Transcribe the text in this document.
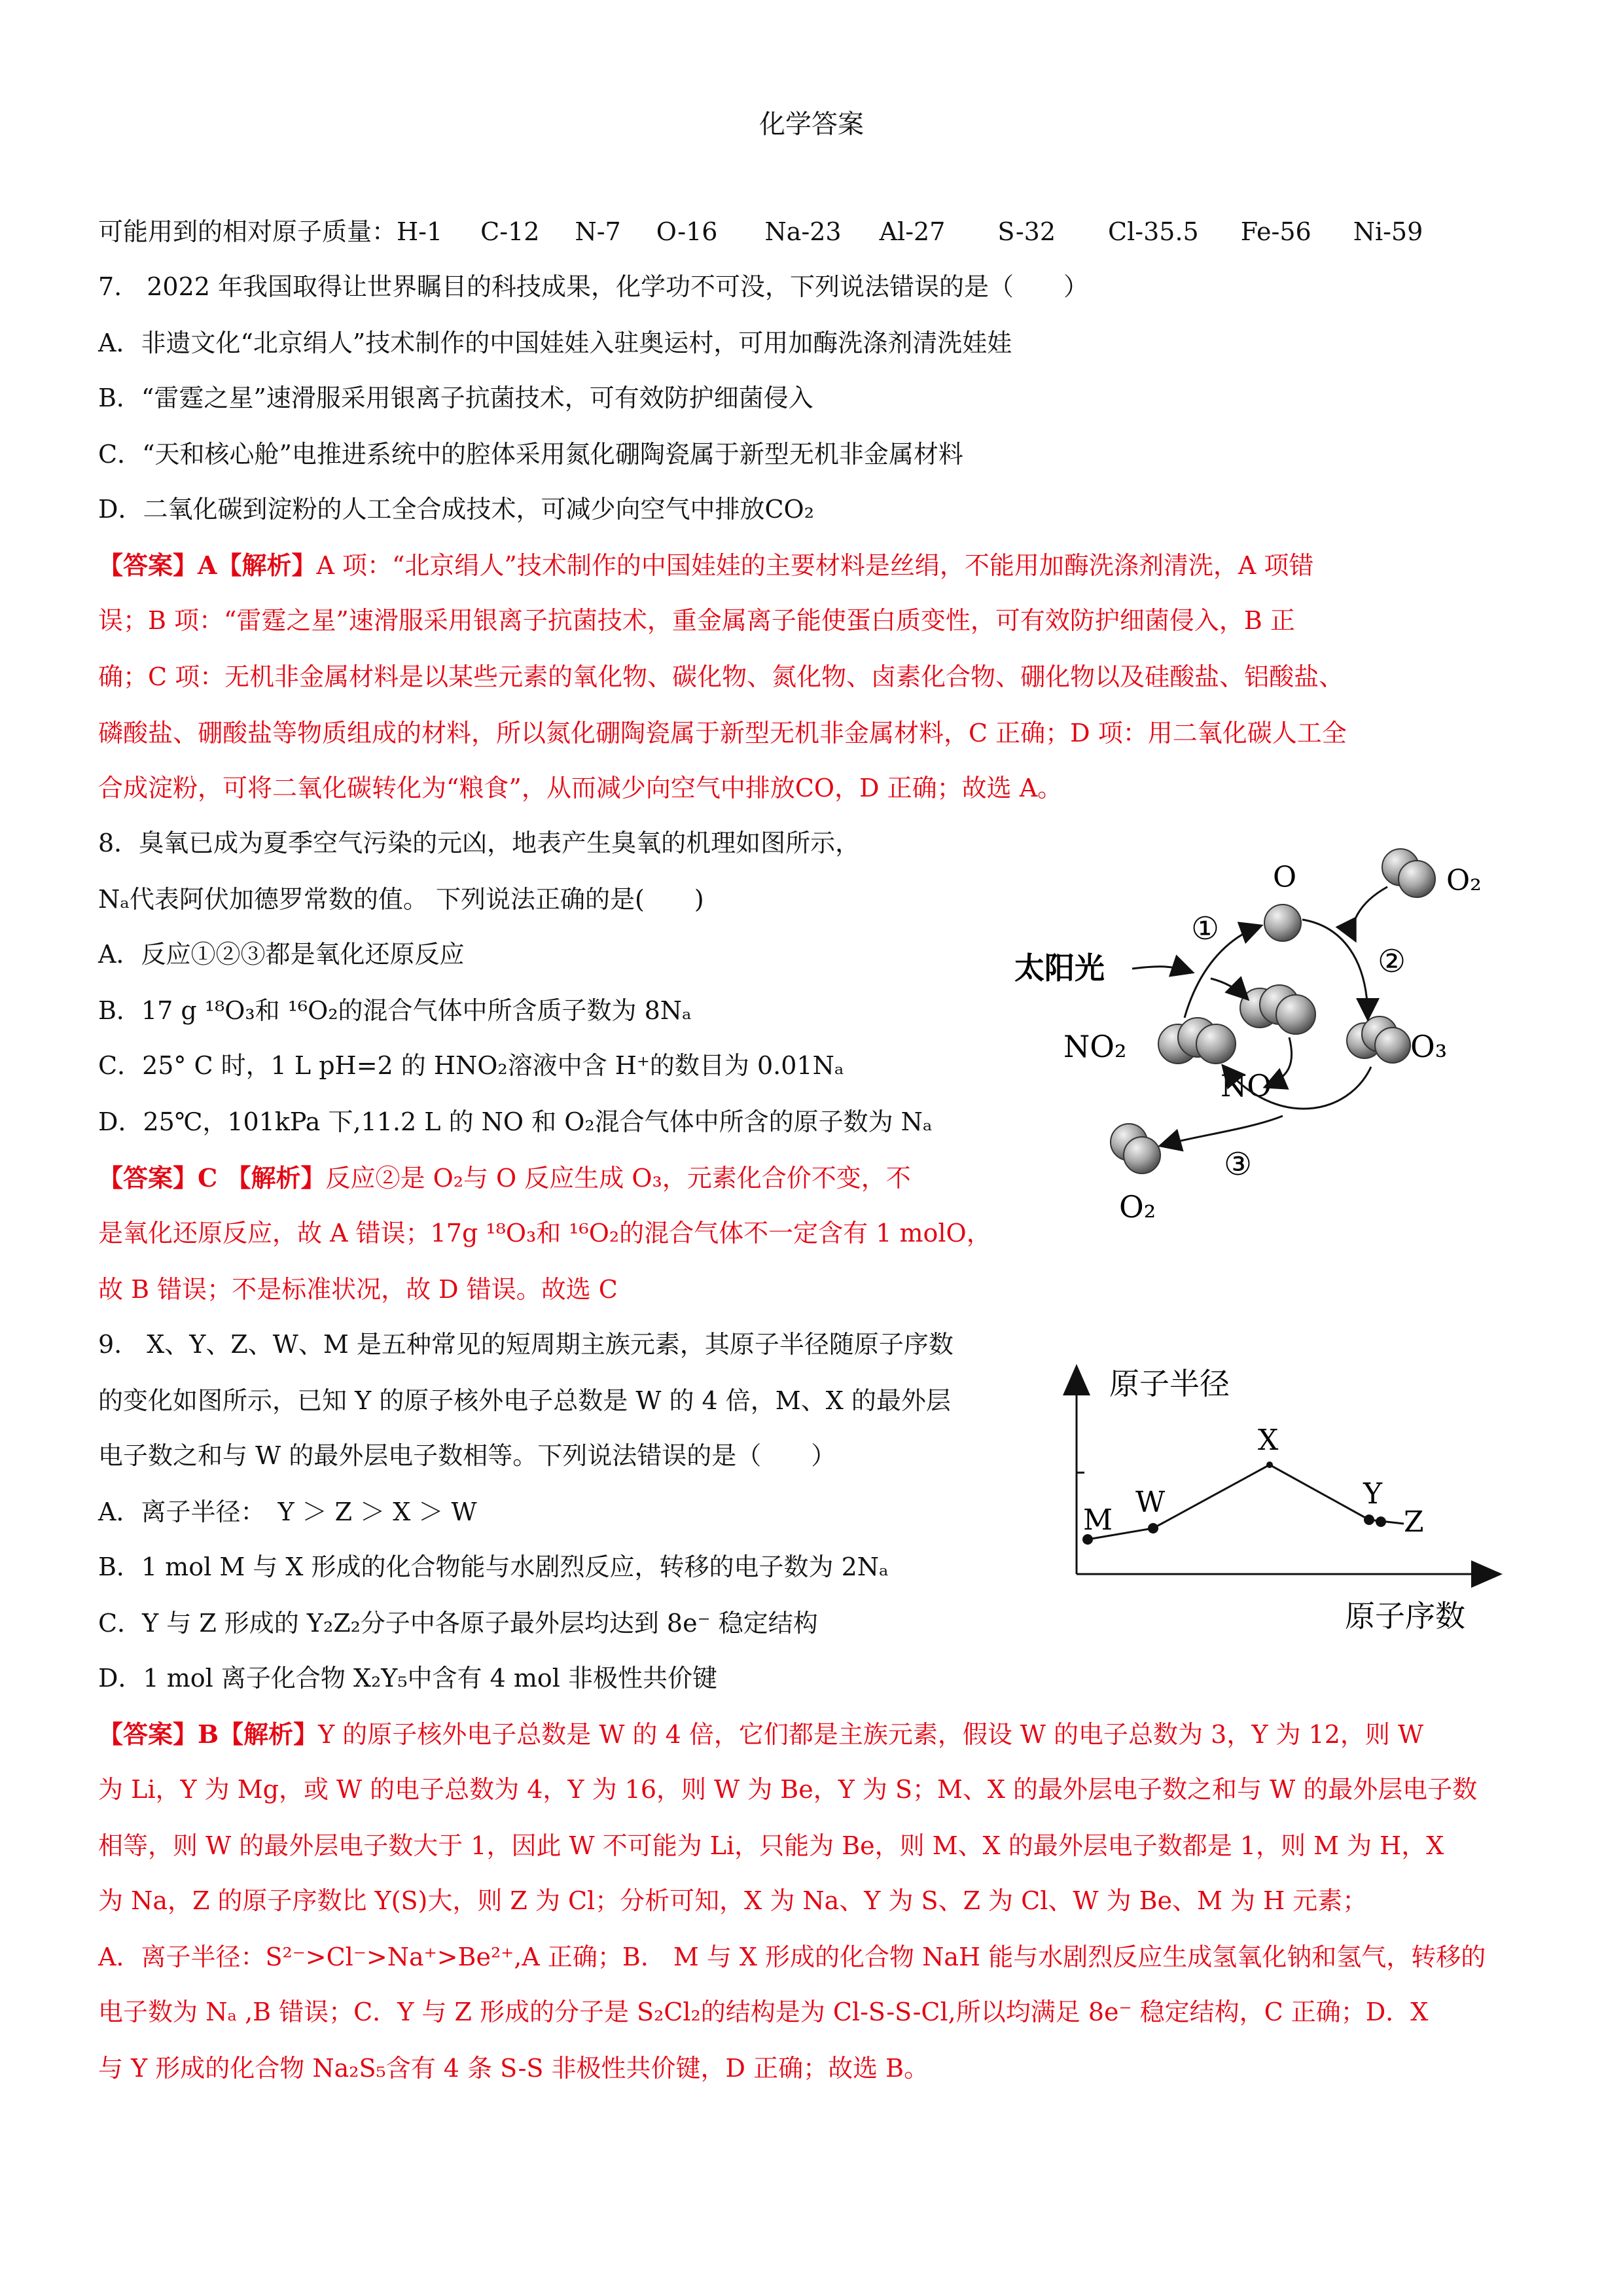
化学答案
可能用到的相对原子质量：H-1 C-12 N-7 O-16 Na-23 Al-27 S-32 Cl-35.5 Fe-56 Ni-59
7.　2022 年我国取得让世界瞩目的科技成果，化学功不可没，下列说法错误的是（　　）
A．非遗文化“北京绢人”技术制作的中国娃娃入驻奥运村，可用加酶洗涤剂清洗娃娃
B．“雷霆之星”速滑服采用银离子抗菌技术，可有效防护细菌侵入
C．“天和核心舱”电推进系统中的腔体采用氮化硼陶瓷属于新型无机非金属材料
D．二氧化碳到淀粉的人工全合成技术，可减少向空气中排放CO₂
【答案】A【解析】A 项：“北京绢人”技术制作的中国娃娃的主要材料是丝绢，不能用加酶洗涤剂清洗，A 项错
误；B 项：“雷霆之星”速滑服采用银离子抗菌技术，重金属离子能使蛋白质变性，可有效防护细菌侵入，B 正
确；C 项：无机非金属材料是以某些元素的氧化物、碳化物、氮化物、卤素化合物、硼化物以及硅酸盐、铝酸盐、
磷酸盐、硼酸盐等物质组成的材料，所以氮化硼陶瓷属于新型无机非金属材料，C 正确；D 项：用二氧化碳人工全
合成淀粉，可将二氧化碳转化为“粮食”，从而减少向空气中排放CO，D 正确；故选 A。
8．臭氧已成为夏季空气污染的元凶，地表产生臭氧的机理如图所示，
Nₐ代表阿伏加德罗常数的值。 下列说法正确的是(　　)
A．反应①②③都是氧化还原反应
B．17 g ¹⁸O₃和 ¹⁶O₂的混合气体中所含质子数为 8Nₐ
C．25° C 时，1 L pH=2 的 HNO₂溶液中含 H⁺的数目为 0.01Nₐ
D．25℃，101kPa 下,11.2 L 的 NO 和 O₂混合气体中所含的原子数为 Nₐ
【答案】C 【解析】反应②是 O₂与 O 反应生成 O₃，元素化合价不变，不
是氧化还原反应，故 A 错误；17g ¹⁸O₃和 ¹⁶O₂的混合气体不一定含有 1 molO，
故 B 错误；不是标准状况，故 D 错误。故选 C
O₂
O
①
②
③
太阳光
NO₂
NO
O₃
O₂
9.　X、Y、Z、W、M 是五种常见的短周期主族元素，其原子半径随原子序数
的变化如图所示，已知 Y 的原子核外电子总数是 W 的 4 倍，M、X 的最外层
电子数之和与 W 的最外层电子数相等。下列说法错误的是（　　）
A．离子半径：　Y ＞ Z ＞ X ＞ W
B．1 mol M 与 X 形成的化合物能与水剧烈反应，转移的电子数为 2Nₐ
C．Y 与 Z 形成的 Y₂Z₂分子中各原子最外层均达到 8e⁻ 稳定结构
D．1 mol 离子化合物 X₂Y₅中含有 4 mol 非极性共价键
原子半径
原子序数
M
W
X
Y
Z
【答案】B【解析】Y 的原子核外电子总数是 W 的 4 倍，它们都是主族元素，假设 W 的电子总数为 3，Y 为 12，则 W
为 Li，Y 为 Mg，或 W 的电子总数为 4，Y 为 16，则 W 为 Be，Y 为 S；M、X 的最外层电子数之和与 W 的最外层电子数
相等，则 W 的最外层电子数大于 1，因此 W 不可能为 Li，只能为 Be，则 M、X 的最外层电子数都是 1，则 M 为 H，X
为 Na，Z 的原子序数比 Y(S)大，则 Z 为 Cl；分析可知，X 为 Na、Y 为 S、Z 为 Cl、W 为 Be、M 为 H 元素；
A．离子半径：S²⁻>Cl⁻>Na⁺>Be²⁺,A 正确；B.　M 与 X 形成的化合物 NaH 能与水剧烈反应生成氢氧化钠和氢气，转移的
电子数为 Nₐ ,B 错误；C．Y 与 Z 形成的分子是 S₂Cl₂的结构是为 Cl-S-S-Cl,所以均满足 8e⁻ 稳定结构，C 正确；D．X
与 Y 形成的化合物 Na₂S₅含有 4 条 S-S 非极性共价键，D 正确；故选 B。
